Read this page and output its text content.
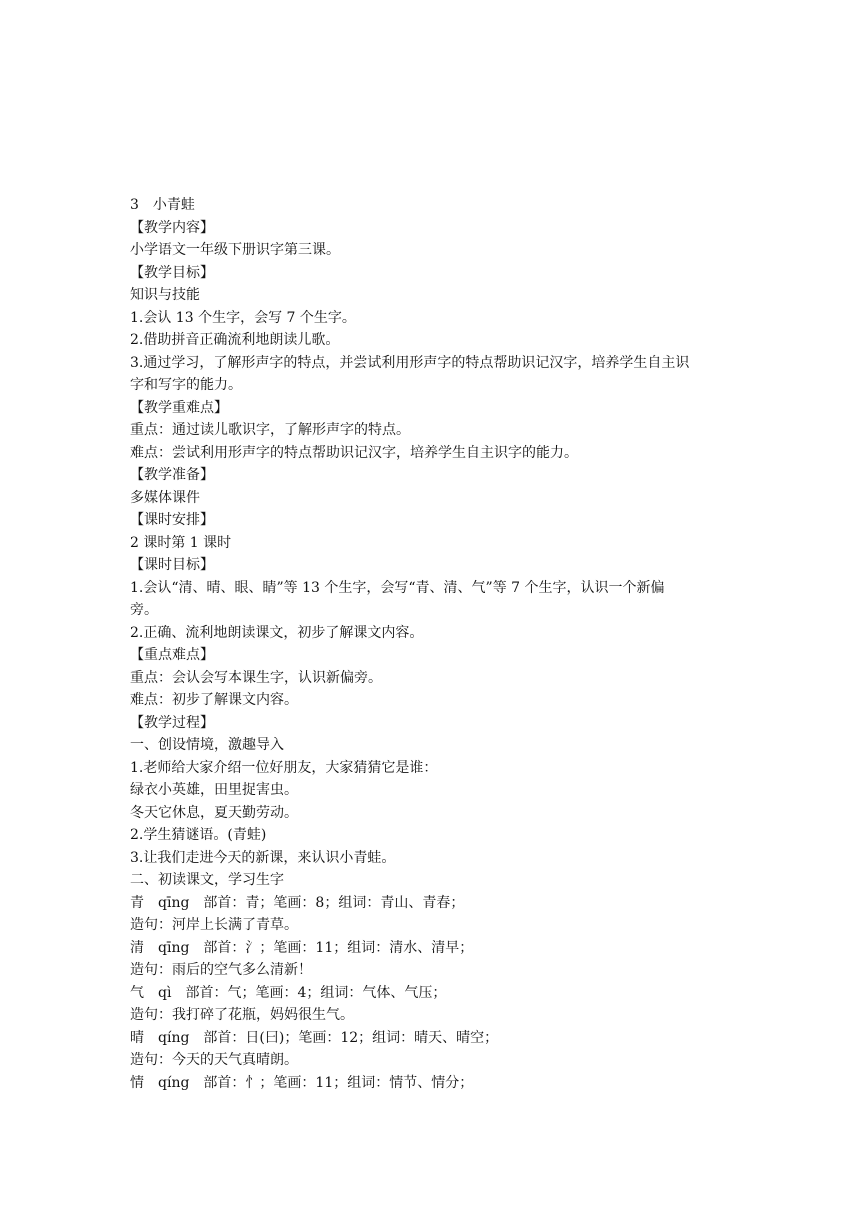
3　小青蛙
【教学内容】
小学语文一年级下册识字第三课。
【教学目标】
知识与技能
1.会认 13 个生字，会写 7 个生字。
2.借助拼音正确流利地朗读儿歌。
3.通过学习，了解形声字的特点，并尝试利用形声字的特点帮助识记汉字，培养学生自主识
字和写字的能力。
【教学重难点】
重点：通过读儿歌识字，了解形声字的特点。
难点：尝试利用形声字的特点帮助识记汉字，培养学生自主识字的能力。
【教学准备】
多媒体课件
【课时安排】
2 课时第 1 课时
【课时目标】
1.会认“清、晴、眼、睛”等 13 个生字，会写“青、清、气”等 7 个生字，认识一个新偏
旁。
2.正确、流利地朗读课文，初步了解课文内容。
【重点难点】
重点：会认会写本课生字，认识新偏旁。
难点：初步了解课文内容。
【教学过程】
一、创设情境，激趣导入
1.老师给大家介绍一位好朋友，大家猜猜它是谁：
绿衣小英雄，田里捉害虫。
冬天它休息，夏天勤劳动。
2.学生猜谜语。(青蛙)
3.让我们走进今天的新课，来认识小青蛙。
二、初读课文，学习生字
青　qīng　部首：青；笔画：8；组词：青山、青春；
造句：河岸上长满了青草。
清　qīng　部首：氵；笔画：11；组词：清水、清早；
造句：雨后的空气多么清新！
气　qì　部首：气；笔画：4；组词：气体、气压；
造句：我打碎了花瓶，妈妈很生气。
晴　qíng　部首：日(曰)；笔画：12；组词：晴天、晴空；
造句：今天的天气真晴朗。
情　qíng　部首：忄；笔画：11；组词：情节、情分；
